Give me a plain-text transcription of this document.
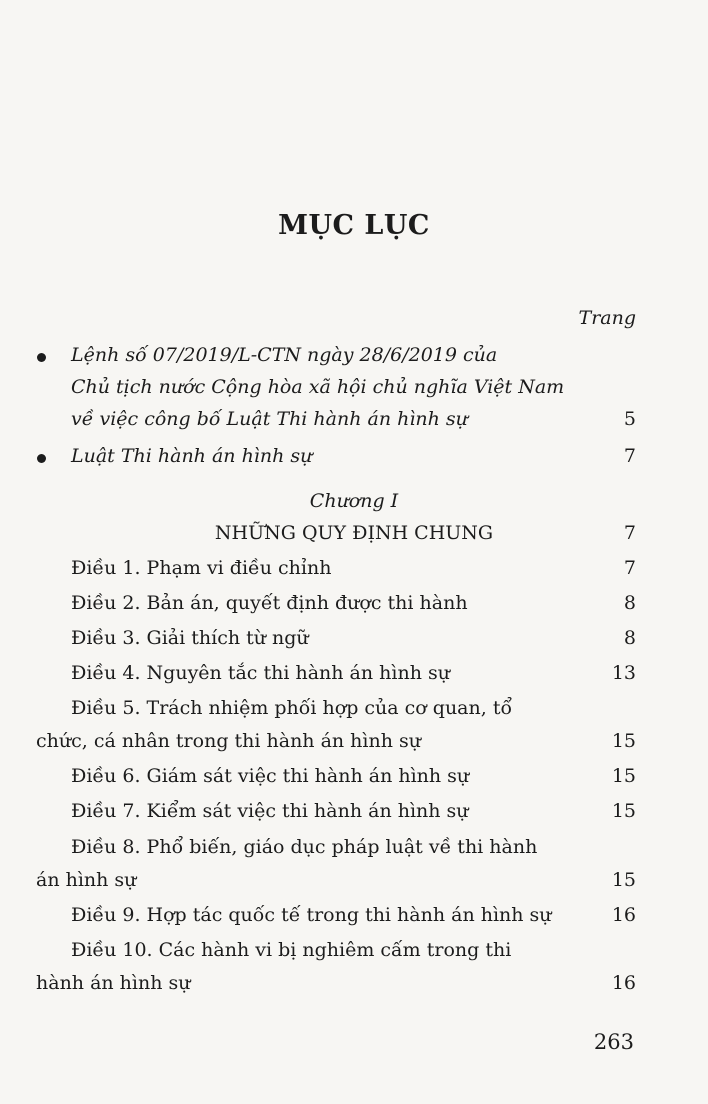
MỤC LỤC
Trang
Lệnh số 07/2019/L-CTN ngày 28/6/2019 của
Chủ tịch nước Cộng hòa xã hội chủ nghĩa Việt Nam
về việc công bố Luật Thi hành án hình sự	5
Luật Thi hành án hình sự	7
Chương I
NHỮNG QUY ĐỊNH CHUNG	7
Điều 1. Phạm vi điều chỉnh	7
Điều 2. Bản án, quyết định được thi hành	8
Điều 3. Giải thích từ ngữ	8
Điều 4. Nguyên tắc thi hành án hình sự	13
Điều 5. Trách nhiệm phối hợp của cơ quan, tổ
chức, cá nhân trong thi hành án hình sự	15
Điều 6. Giám sát việc thi hành án hình sự	15
Điều 7. Kiểm sát việc thi hành án hình sự	15
Điều 8. Phổ biến, giáo dục pháp luật về thi hành
án hình sự	15
Điều 9. Hợp tác quốc tế trong thi hành án hình sự	16
Điều 10. Các hành vi bị nghiêm cấm trong thi
hành án hình sự	16
263
